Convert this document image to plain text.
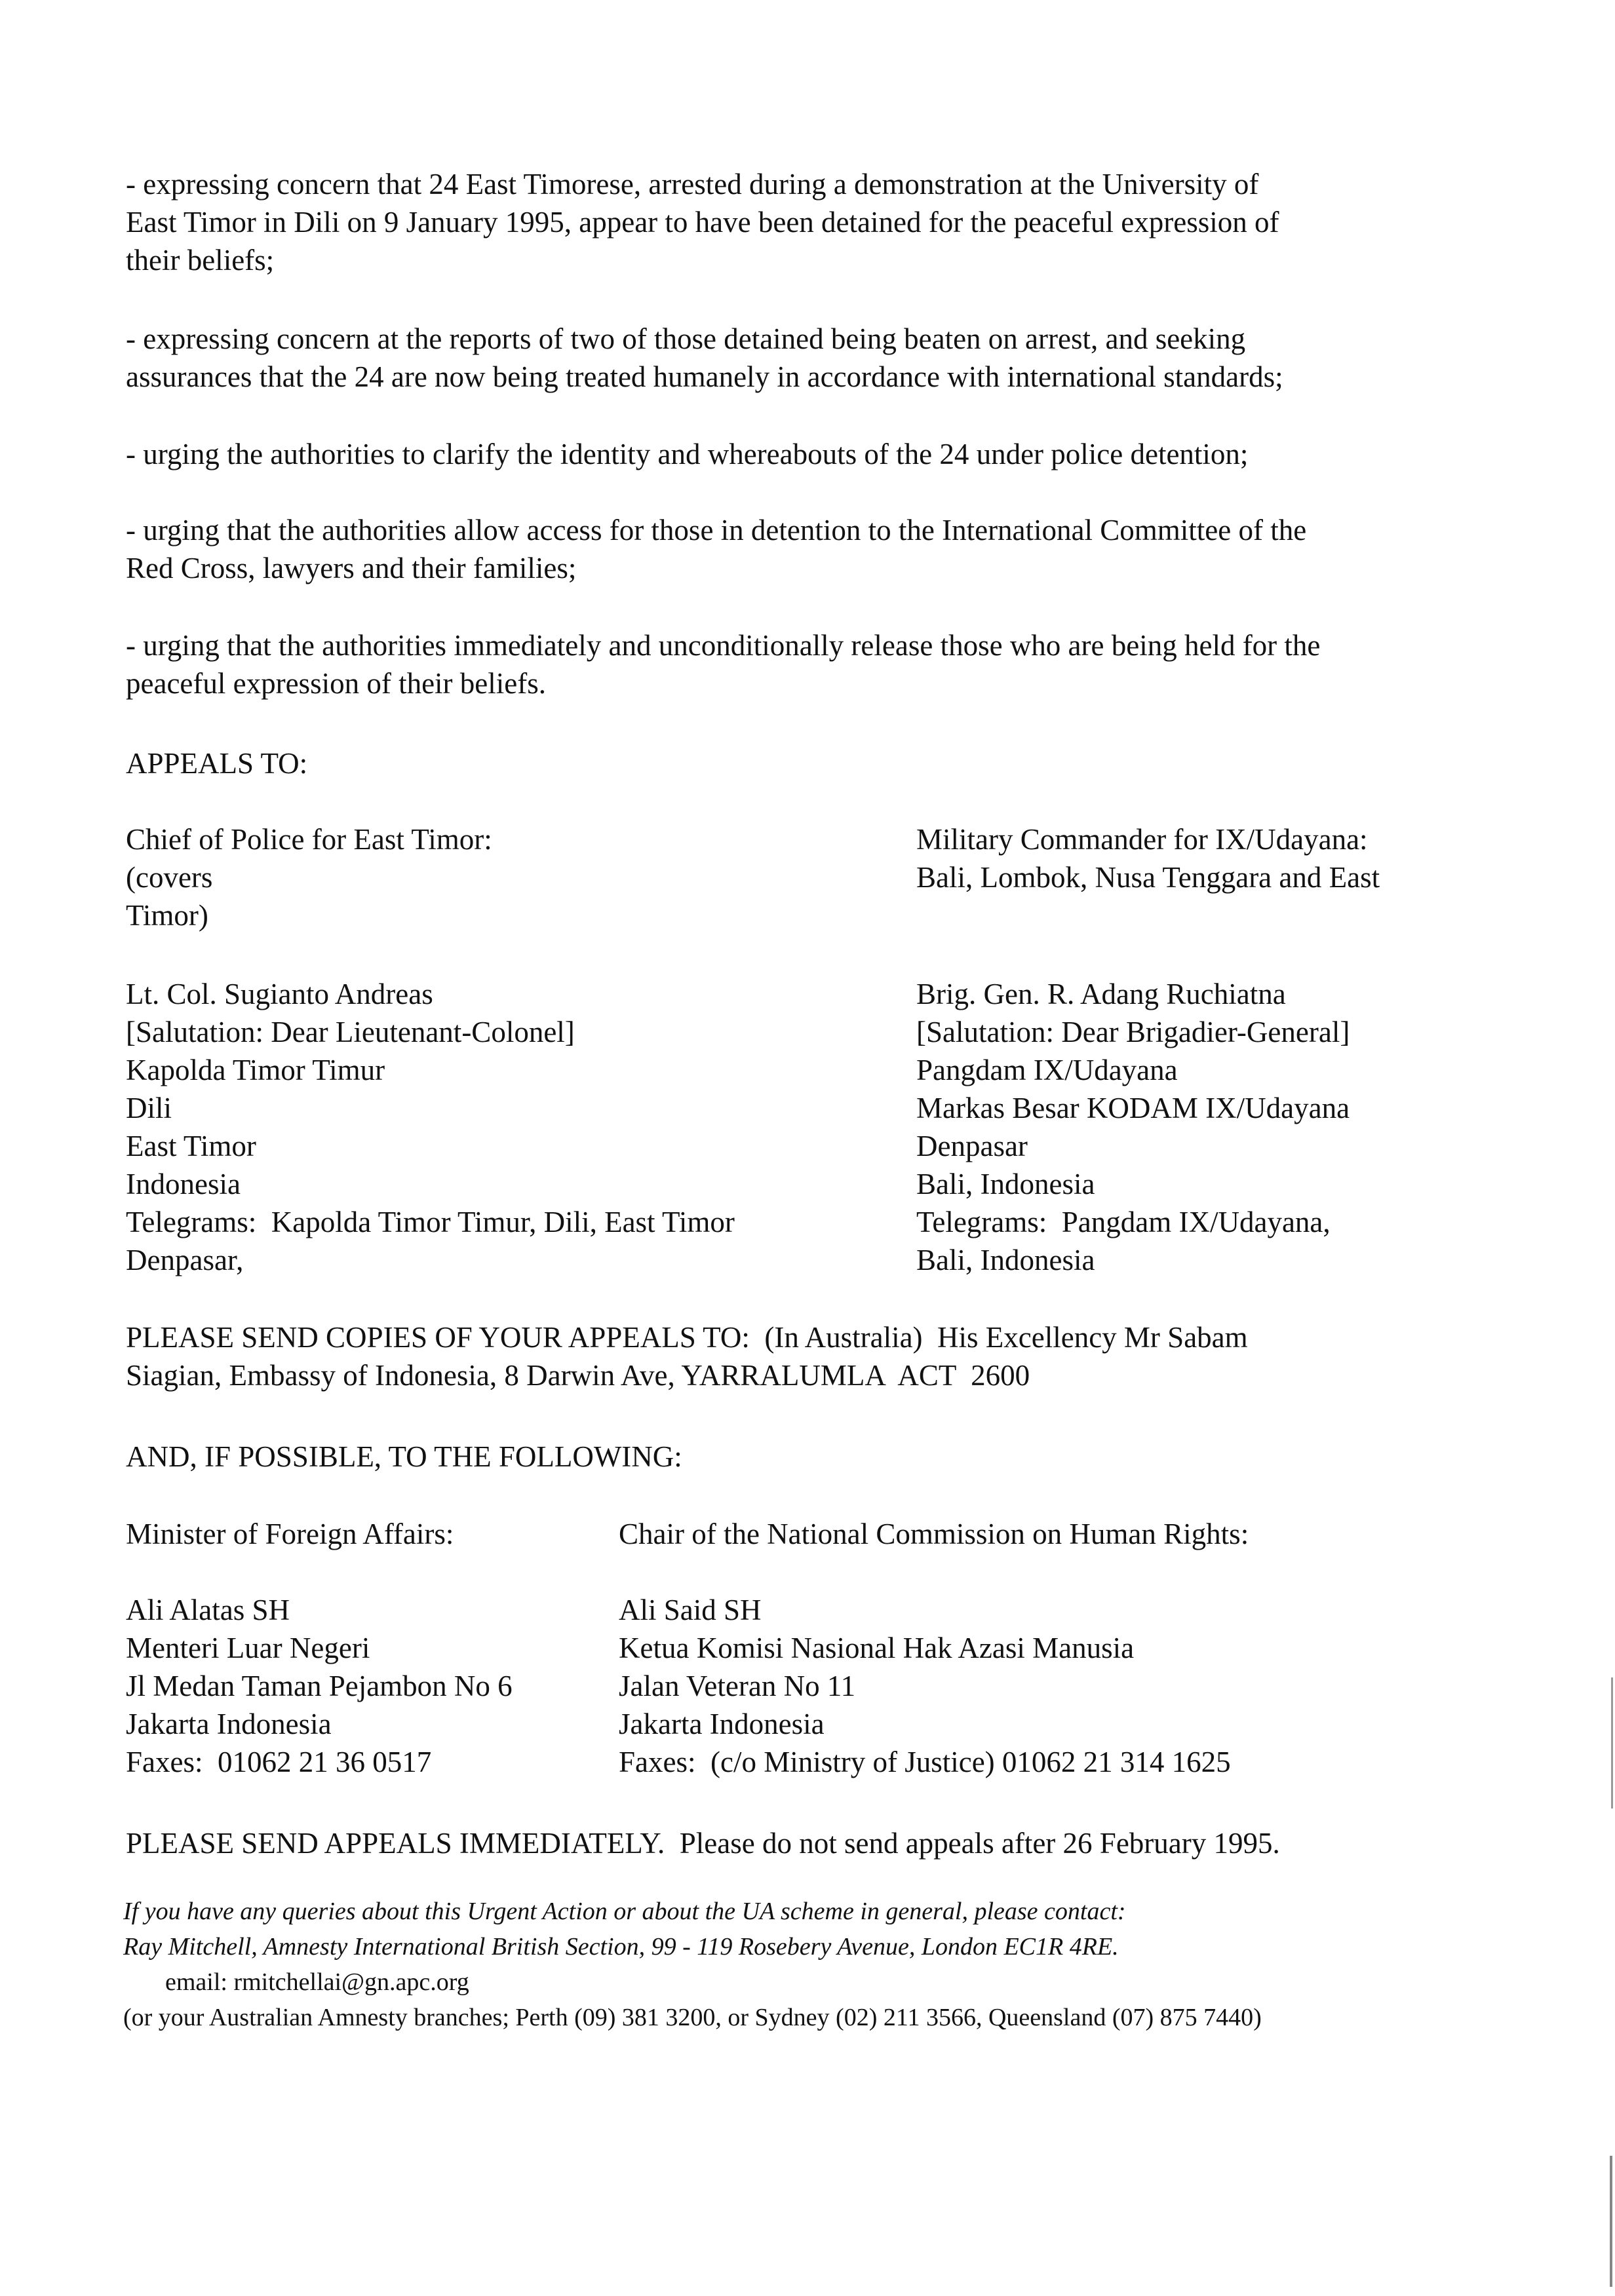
- expressing concern that 24 East Timorese, arrested during a demonstration at the University of
East Timor in Dili on 9 January 1995, appear to have been detained for the peaceful expression of
their beliefs;

- expressing concern at the reports of two of those detained being beaten on arrest, and seeking
assurances that the 24 are now being treated humanely in accordance with international standards;

- urging the authorities to clarify the identity and whereabouts of the 24 under police detention;

- urging that the authorities allow access for those in detention to the International Committee of the
Red Cross, lawyers and their families;

- urging that the authorities immediately and unconditionally release those who are being held for the
peaceful expression of their beliefs.

APPEALS TO:

Chief of Police for East Timor:
(covers
Timor)
Lt. Col. Sugianto Andreas
[Salutation: Dear Lieutenant-Colonel]
Kapolda Timor Timur
Dili
East Timor
Indonesia
Telegrams:  Kapolda Timor Timur, Dili, East Timor
Denpasar,
Military Commander for IX/Udayana:
Bali, Lombok, Nusa Tenggara and East
Brig. Gen. R. Adang Ruchiatna
[Salutation: Dear Brigadier-General]
Pangdam IX/Udayana
Markas Besar KODAM IX/Udayana
Denpasar
Bali, Indonesia
Telegrams:  Pangdam IX/Udayana,
Bali, Indonesia

PLEASE SEND COPIES OF YOUR APPEALS TO:  (In Australia)  His Excellency Mr Sabam
Siagian, Embassy of Indonesia, 8 Darwin Ave, YARRALUMLA  ACT  2600

AND, IF POSSIBLE, TO THE FOLLOWING:

Minister of Foreign Affairs:
Ali Alatas SH
Menteri Luar Negeri
Jl Medan Taman Pejambon No 6
Jakarta Indonesia
Faxes:  01062 21 36 0517
Chair of the National Commission on Human Rights:
Ali Said SH
Ketua Komisi Nasional Hak Azasi Manusia
Jalan Veteran No 11
Jakarta Indonesia
Faxes:  (c/o Ministry of Justice) 01062 21 314 1625

PLEASE SEND APPEALS IMMEDIATELY.  Please do not send appeals after 26 February 1995.

If you have any queries about this Urgent Action or about the UA scheme in general, please contact:
Ray Mitchell, Amnesty International British Section, 99 - 119 Rosebery Avenue, London EC1R 4RE.
email: rmitchellai@gn.apc.org
(or your Australian Amnesty branches; Perth (09) 381 3200, or Sydney (02) 211 3566, Queensland (07) 875 7440)
